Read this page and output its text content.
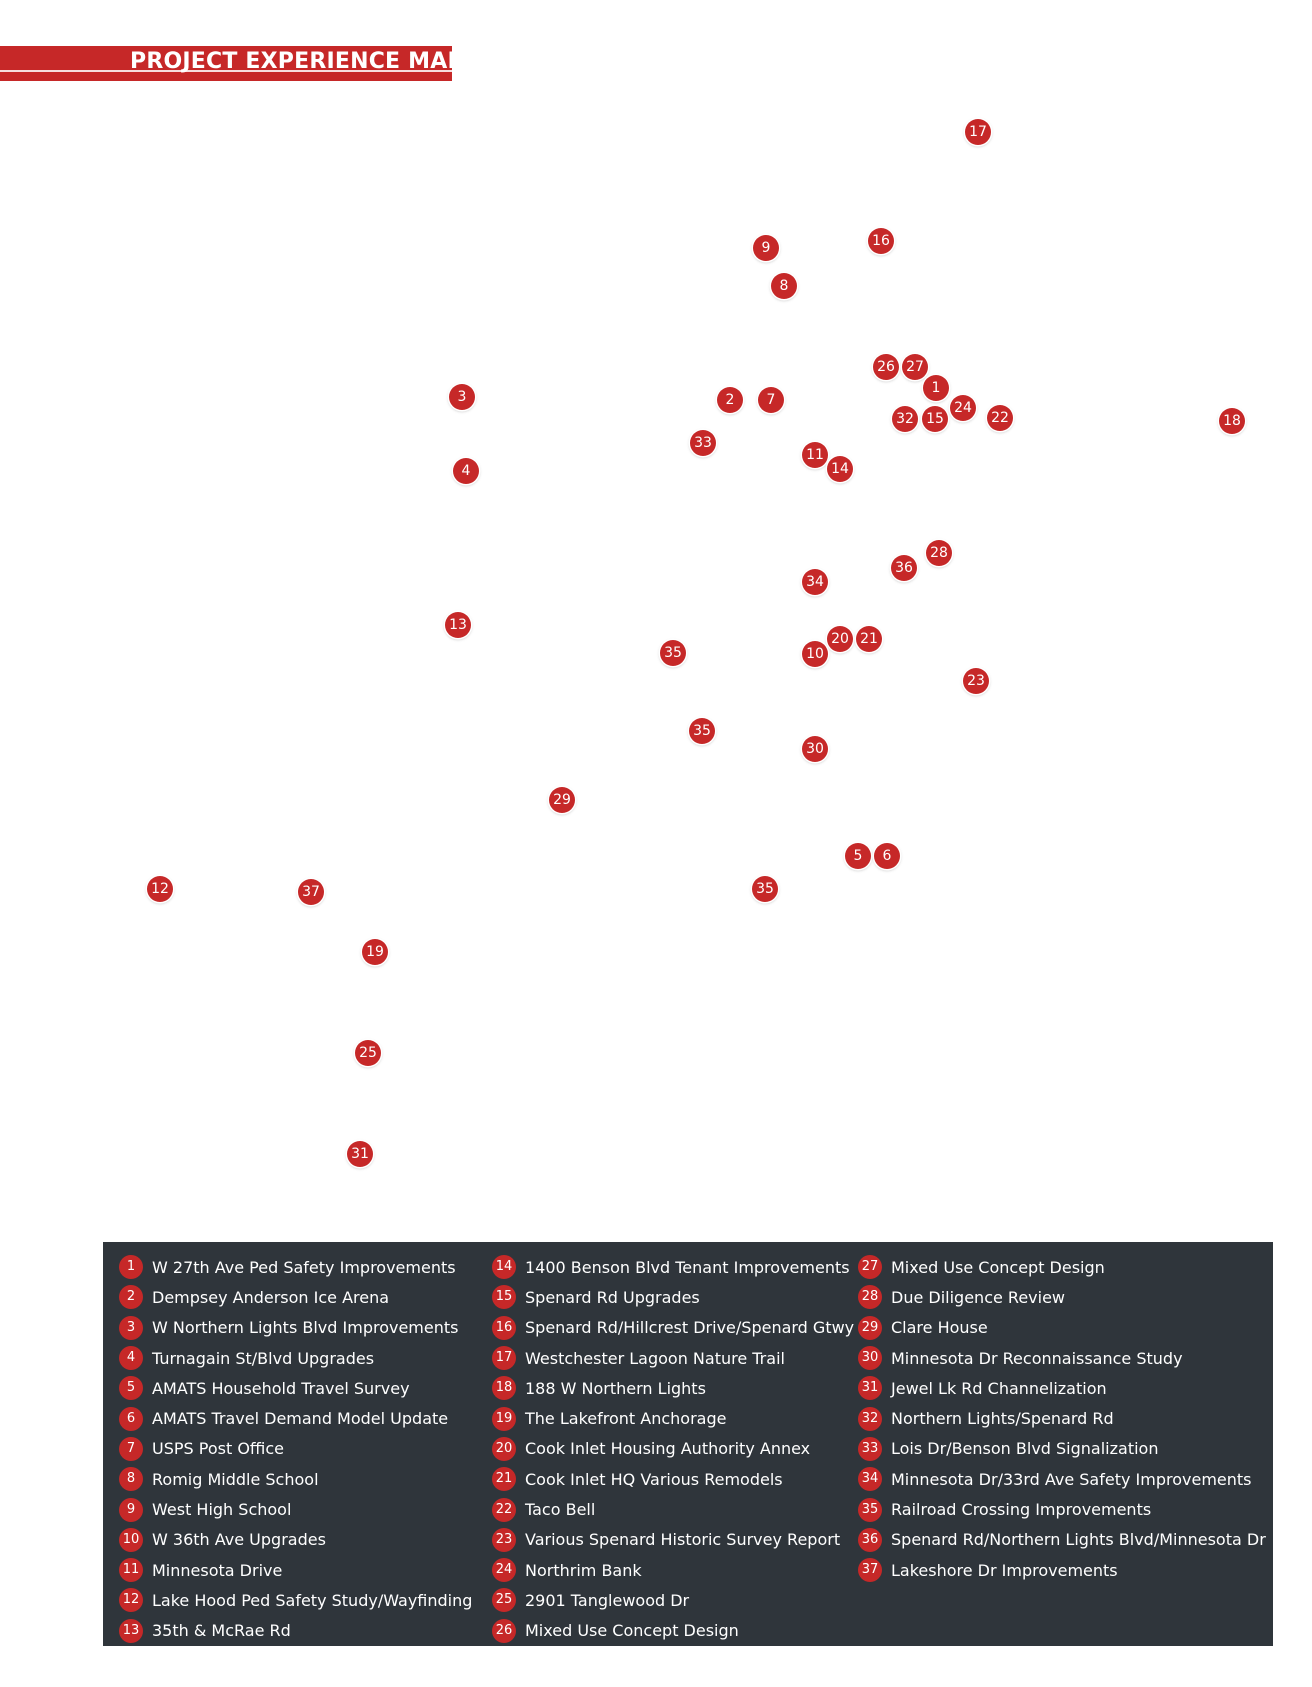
PROJECT EXPERIENCE MAP
17
16
9
8
26 27
1
3	2	7	24
32 15	22	18
33
11
14
4
28
36
34
13
20 21
35	10
23
35
30
29
5	6
12	37	35
19
25
31
1	W 27th Ave Ped Safety Improvements
2	Dempsey Anderson Ice Arena
3	W Northern Lights Blvd Improvements
4	Turnagain St/Blvd Upgrades
5	AMATS Household Travel Survey
6	AMATS Travel Demand Model Update
7	USPS Post Office
8	Romig Middle School
9	West High School
10 W 36th Ave Upgrades
11 Minnesota Drive
12 Lake Hood Ped Safety Study/Wayfinding
13 35th & McRae Rd
14 1400 Benson Blvd Tenant Improvements
15 Spenard Rd Upgrades
16 Spenard Rd/Hillcrest Drive/Spenard Gtwy
17 Westchester Lagoon Nature Trail
18 188 W Northern Lights
19 The Lakefront Anchorage
20 Cook Inlet Housing Authority Annex
21 Cook Inlet HQ Various Remodels
22 Taco Bell
23 Various Spenard Historic Survey Report
24 Northrim Bank
25 2901 Tanglewood Dr
26 Mixed Use Concept Design
27 Mixed Use Concept Design
28 Due Diligence Review
29 Clare House
30 Minnesota Dr Reconnaissance Study
31 Jewel Lk Rd Channelization
32 Northern Lights/Spenard Rd
33 Lois Dr/Benson Blvd Signalization
34 Minnesota Dr/33rd Ave Safety Improvements
35 Railroad Crossing Improvements
36 Spenard Rd/Northern Lights Blvd/Minnesota Dr
37 Lakeshore Dr Improvements
